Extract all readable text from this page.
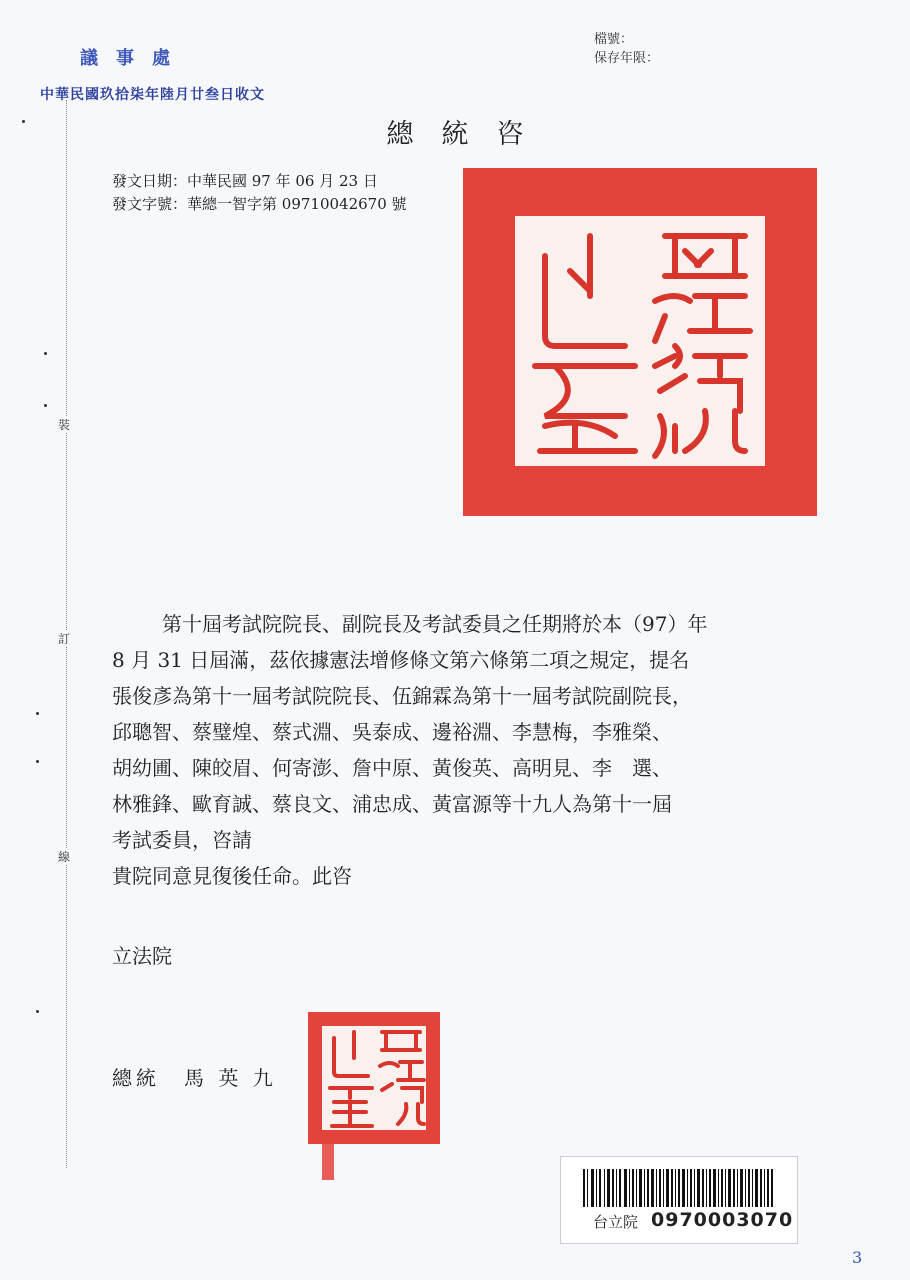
檔號：
保存年限：
議事處
中華民國玖拾柒年陸月廿叁日收文
裝
訂
線
總統咨
發文日期：中華民國 97 年 06 月 23 日
發文字號：華總一智字第 09710042670 號

第十屆考試院院長、副院長及考試委員之任期將於本（97）年

8 月 31 日屆滿，茲依據憲法增修條文第六條第二項之規定，提名

張俊彥為第十一屆考試院院長、伍錦霖為第十一屆考試院副院長，

邱聰智、蔡璧煌、蔡式淵、吳泰成、邊裕淵、李慧梅，李雅榮、

胡幼圃、陳皎眉、何寄澎、詹中原、黃俊英、高明見、李　選、

林雅鋒、歐育誠、蔡良文、浦忠成、黃富源等十九人為第十一屆

考試委員，咨請

貴院同意見復後任命。此咨

立法院
總統　馬 英 九
台立院 0970003070
3
